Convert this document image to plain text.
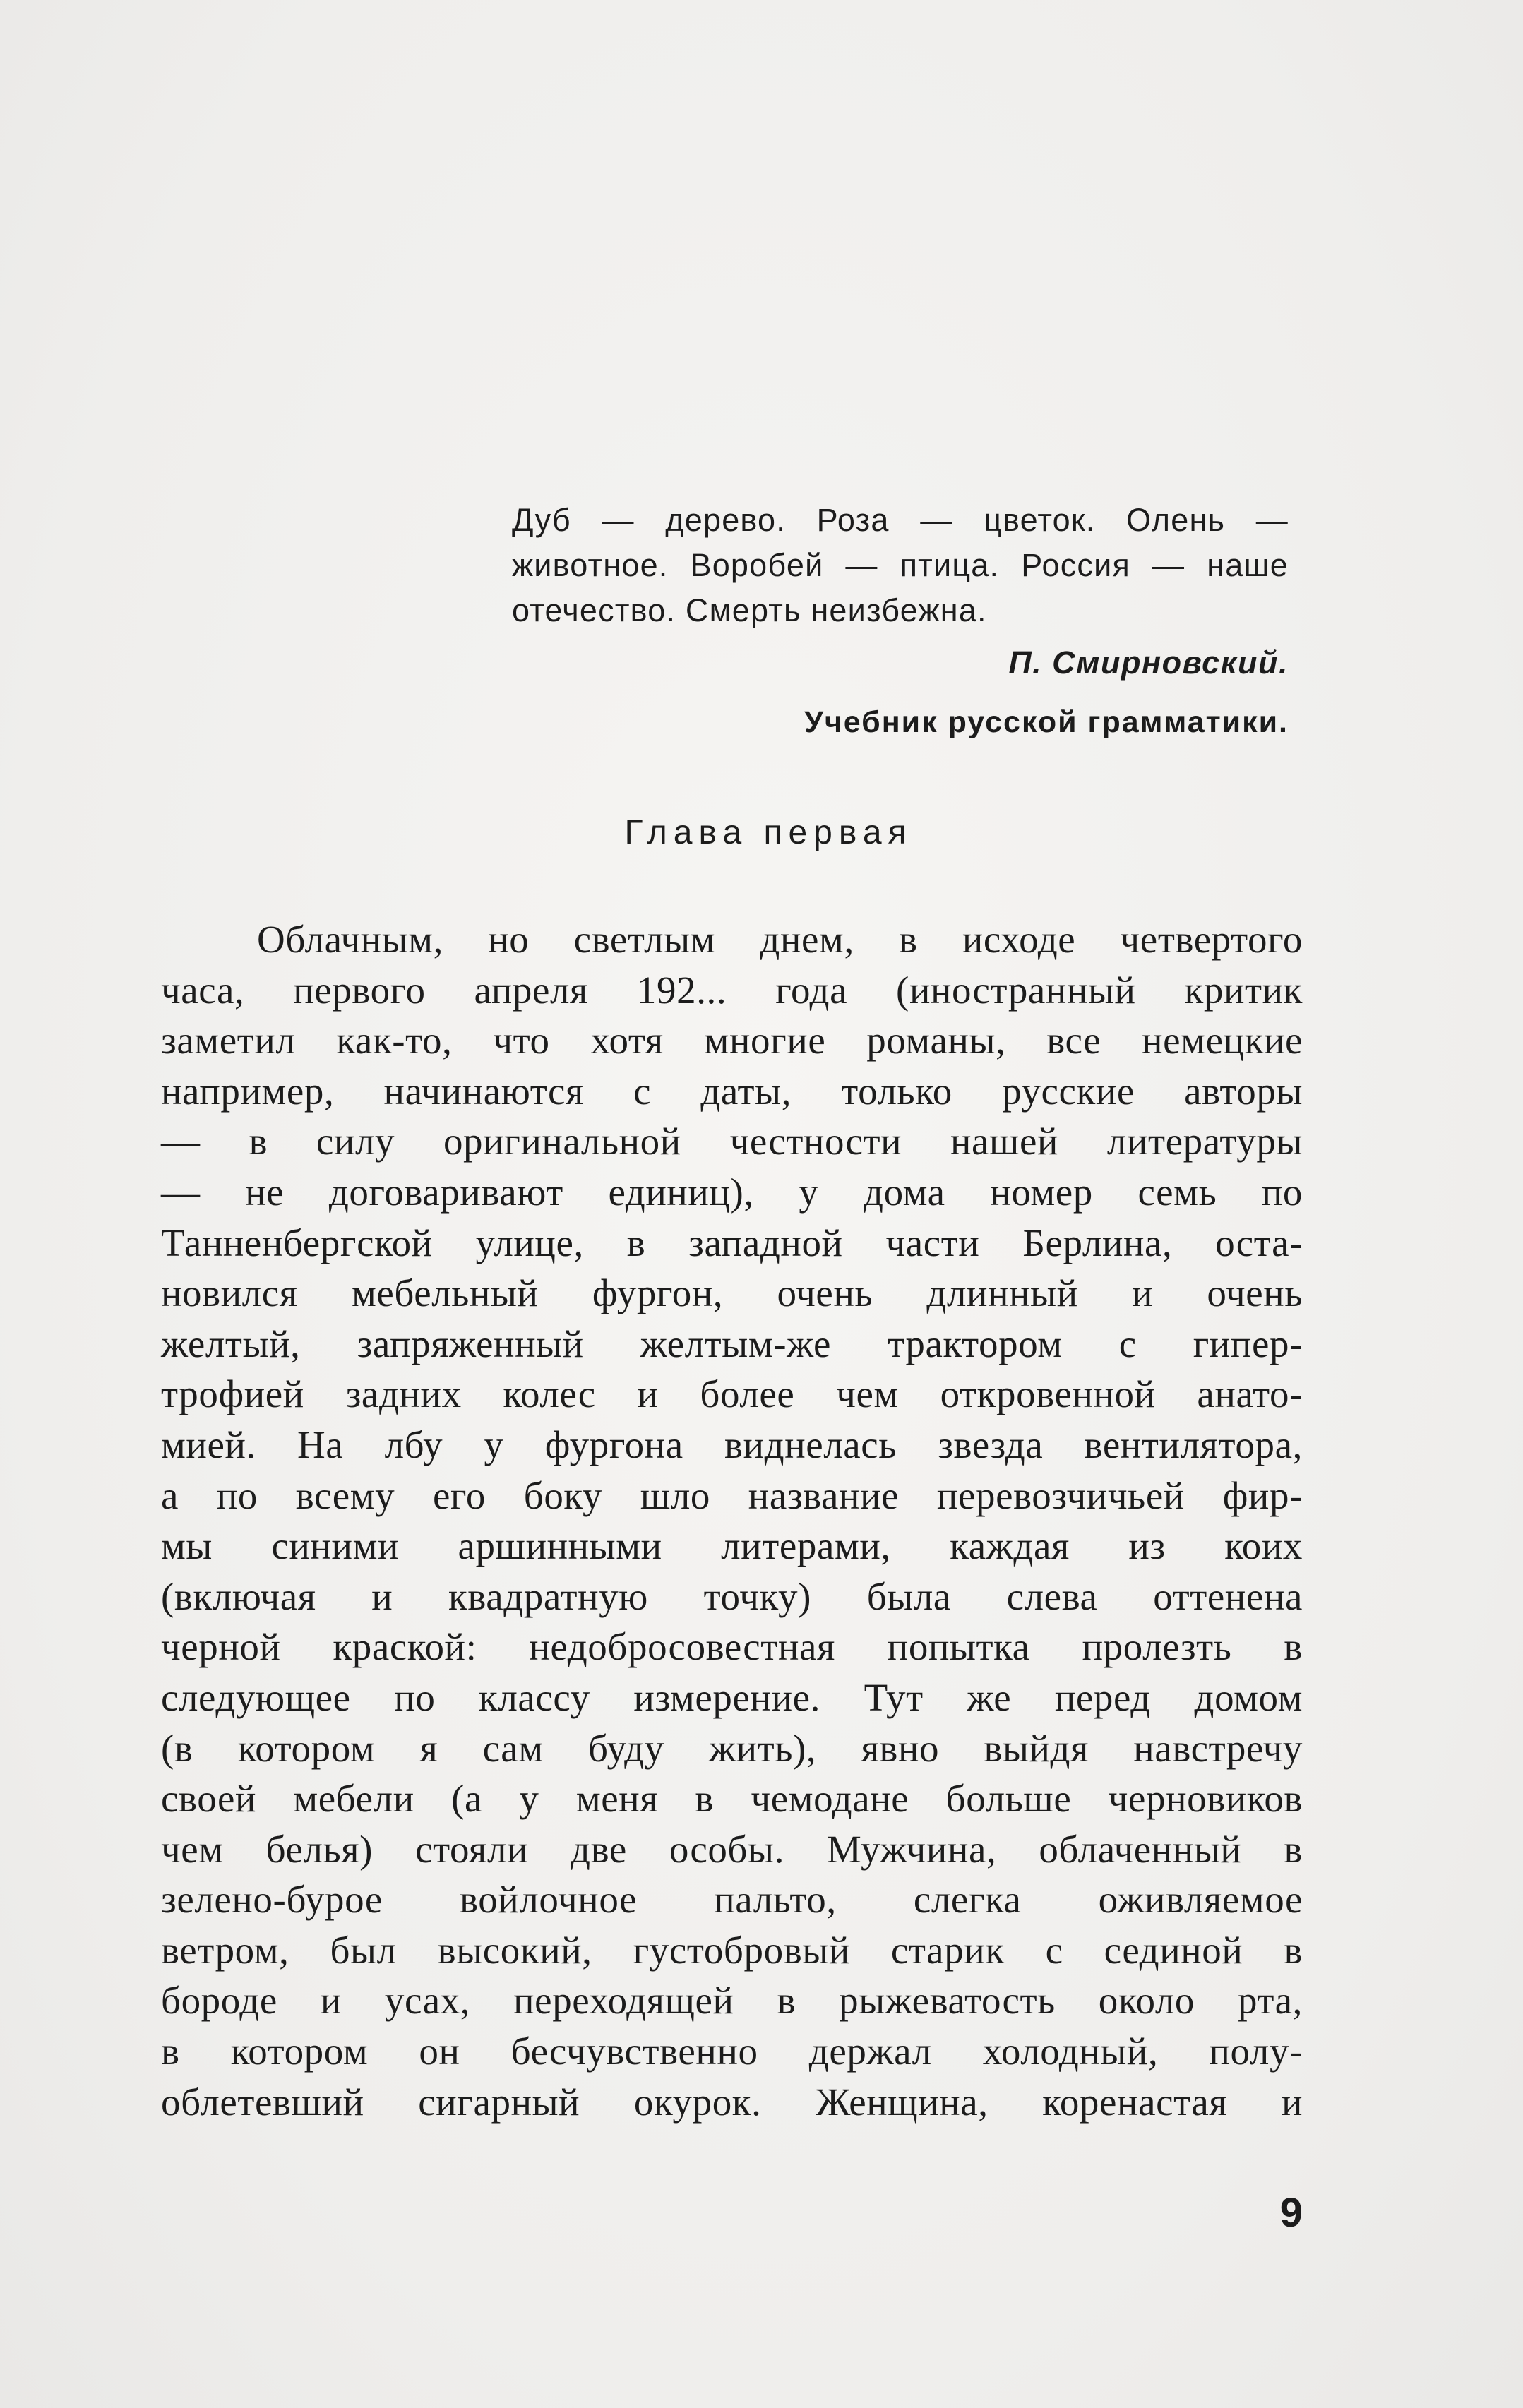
Дуб — дерево. Роза — цветок. Олень —
животное. Воробей — птица. Россия — наше
отечество. Смерть неизбежна.
П. Смирновский.
Учебник русской грамматики.
Глава первая
Облачным, но светлым днем, в исходе четвертого
часа, первого апреля 192... года (иностранный критик
заметил как-то, что хотя многие романы, все немецкие
например, начинаются с даты, только русские авторы
— в силу оригинальной честности нашей литературы
— не договаривают единиц), у дома номер семь по
Танненбергской улице, в западной части Берлина, оста-
новился мебельный фургон, очень длинный и очень
желтый, запряженный желтым-же трактором с гипер-
трофией задних колес и более чем откровенной анато-
мией. На лбу у фургона виднелась звезда вентилятора,
а по всему его боку шло название перевозчичьей фир-
мы синими аршинными литерами, каждая из коих
(включая и квадратную точку) была слева оттенена
черной краской: недобросовестная попытка пролезть в
следующее по классу измерение. Тут же перед домом
(в котором я сам буду жить), явно выйдя навстречу
своей мебели (а у меня в чемодане больше черновиков
чем белья) стояли две особы. Мужчина, облаченный в
зелено-бурое войлочное пальто, слегка оживляемое
ветром, был высокий, густобровый старик с сединой в
бороде и усах, переходящей в рыжеватость около рта,
в котором он бесчувственно держал холодный, полу-
облетевший сигарный окурок. Женщина, коренастая и
9
